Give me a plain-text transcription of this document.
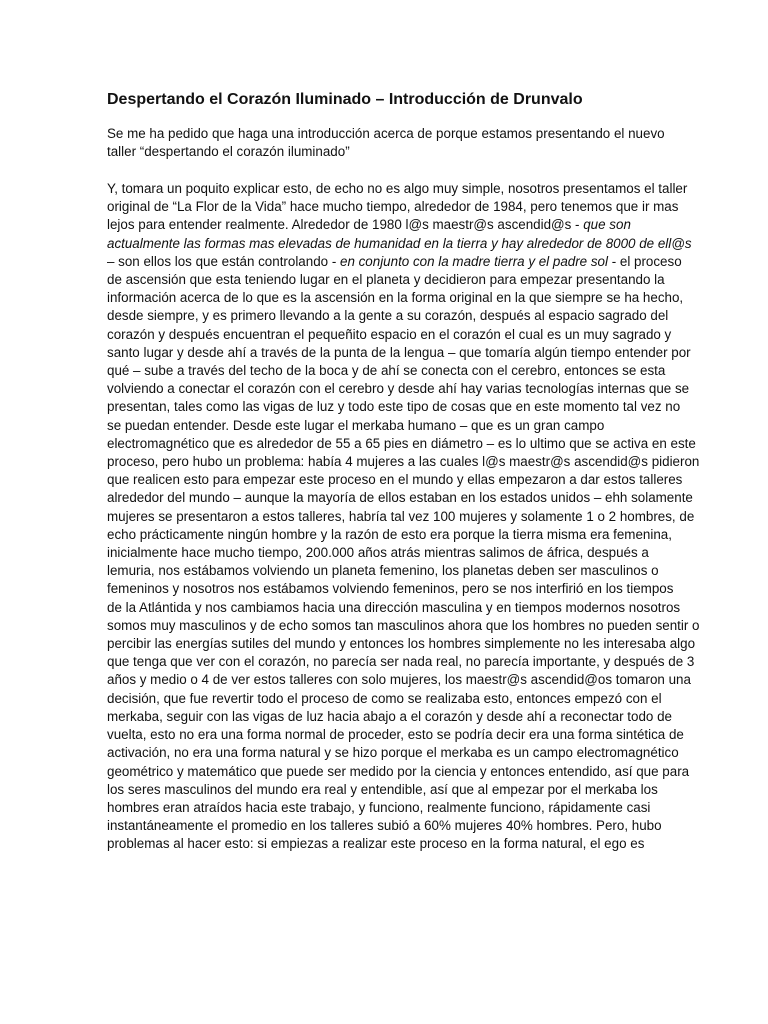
Despertando el Corazón Iluminado – Introducción de Drunvalo
Se me ha pedido que haga una introducción acerca de porque estamos presentando el nuevo
taller “despertando el corazón iluminado”
Y, tomara un poquito explicar esto, de echo no es algo muy simple, nosotros presentamos el taller
original de “La Flor de la Vida” hace mucho tiempo, alrededor de 1984, pero tenemos que ir mas
lejos para entender realmente. Alrededor de 1980 l@s maestr@s ascendid@s - que son
actualmente las formas mas elevadas de humanidad en la tierra y hay alrededor de 8000 de ell@s
– son ellos los que están controlando - en conjunto con la madre tierra y el padre sol - el proceso
de ascensión que esta teniendo lugar en el planeta y decidieron para empezar presentando la
información acerca de lo que es la ascensión en la forma original en la que siempre se ha hecho,
desde siempre, y es primero llevando a la gente a su corazón, después al espacio sagrado del
corazón y después encuentran el pequeñito espacio en el corazón el cual es un muy sagrado y
santo lugar y desde ahí a través de la punta de la lengua – que tomaría algún tiempo entender por
qué – sube a través del techo de la boca y de ahí se conecta con el cerebro, entonces se esta
volviendo a conectar el corazón con el cerebro y desde ahí hay varias tecnologías internas que se
presentan, tales como las vigas de luz y todo este tipo de cosas que en este momento tal vez no
se puedan entender. Desde este lugar el merkaba humano – que es un gran campo
electromagnético que es alrededor de 55 a 65 pies en diámetro – es lo ultimo que se activa en este
proceso, pero hubo un problema: había 4 mujeres a las cuales l@s maestr@s ascendid@s pidieron
que realicen esto para empezar este proceso en el mundo y ellas empezaron a dar estos talleres
alrededor del mundo – aunque la mayoría de ellos estaban en los estados unidos – ehh solamente
mujeres se presentaron a estos talleres, habría tal vez 100 mujeres y solamente 1 o 2 hombres, de
echo prácticamente ningún hombre y la razón de esto era porque la tierra misma era femenina,
inicialmente hace mucho tiempo, 200.000 años atrás mientras salimos de áfrica, después a
lemuria, nos estábamos volviendo un planeta femenino, los planetas deben ser masculinos o
femeninos y nosotros nos estábamos volviendo femeninos, pero se nos interfirió en los tiempos
de la Atlántida y nos cambiamos hacia una dirección masculina y en tiempos modernos nosotros
somos muy masculinos y de echo somos tan masculinos ahora que los hombres no pueden sentir o
percibir las energías sutiles del mundo y entonces los hombres simplemente no les interesaba algo
que tenga que ver con el corazón, no parecía ser nada real, no parecía importante, y después de 3
años y medio o 4 de ver estos talleres con solo mujeres, los maestr@s ascendid@os tomaron una
decisión, que fue revertir todo el proceso de como se realizaba esto, entonces empezó con el
merkaba, seguir con las vigas de luz hacia abajo a el corazón y desde ahí a reconectar todo de
vuelta, esto no era una forma normal de proceder, esto se podría decir era una forma sintética de
activación, no era una forma natural y se hizo porque el merkaba es un campo electromagnético
geométrico y matemático que puede ser medido por la ciencia y entonces entendido, así que para
los seres masculinos del mundo era real y entendible, así que al empezar por el merkaba los
hombres eran atraídos hacia este trabajo, y funciono, realmente funciono, rápidamente casi
instantáneamente el promedio en los talleres subió a 60% mujeres 40% hombres. Pero, hubo
problemas al hacer esto: si empiezas a realizar este proceso en la forma natural, el ego es
